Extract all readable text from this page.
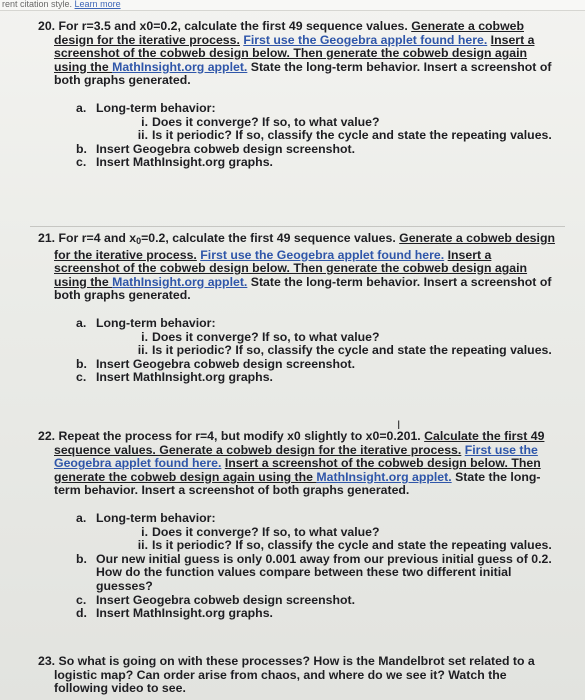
rent citation style. Learn more

20. For r=3.5 and x0=0.2, calculate the first 49 sequence values. Generate a cobweb design for the iterative process. First use the Geogebra applet found here. Insert a screenshot of the cobweb design below. Then generate the cobweb design again using the MathInsight.org applet. State the long-term behavior. Insert a screenshot of both graphs generated.

a. Long-term behavior:
i. Does it converge? If so, to what value?
ii. Is it periodic? If so, classify the cycle and state the repeating values.
b. Insert Geogebra cobweb design screenshot.
c. Insert MathInsight.org graphs.

21. For r=4 and $x_0=0.2$, calculate the first 49 sequence values. Generate a cobweb design for the iterative process. First use the Geogebra applet found here. Insert a screenshot of the cobweb design below. Then generate the cobweb design again using the MathInsight.org applet. State the long-term behavior. Insert a screenshot of both graphs generated.

a. Long-term behavior:
i. Does it converge? If so, to what value?
ii. Is it periodic? If so, classify the cycle and state the repeating values.
b. Insert Geogebra cobweb design screenshot.
c. Insert MathInsight.org graphs.
I

22. Repeat the process for r=4, but modify x0 slightly to x0=0.201. Calculate the first 49 sequence values. Generate a cobweb design for the iterative process. First use the Geogebra applet found here. Insert a screenshot of the cobweb design below. Then generate the cobweb design again using the MathInsight.org applet. State the long-term behavior. Insert a screenshot of both graphs generated.

a. Long-term behavior:
i. Does it converge? If so, to what value?
ii. Is it periodic? If so, classify the cycle and state the repeating values.
b. Our new initial guess is only 0.001 away from our previous initial guess of 0.2. How do the function values compare between these two different initial guesses?
c. Insert Geogebra cobweb design screenshot.
d. Insert MathInsight.org graphs.

23. So what is going on with these processes? How is the Mandelbrot set related to a logistic map? Can order arise from chaos, and where do we see it? Watch the following video to see.
